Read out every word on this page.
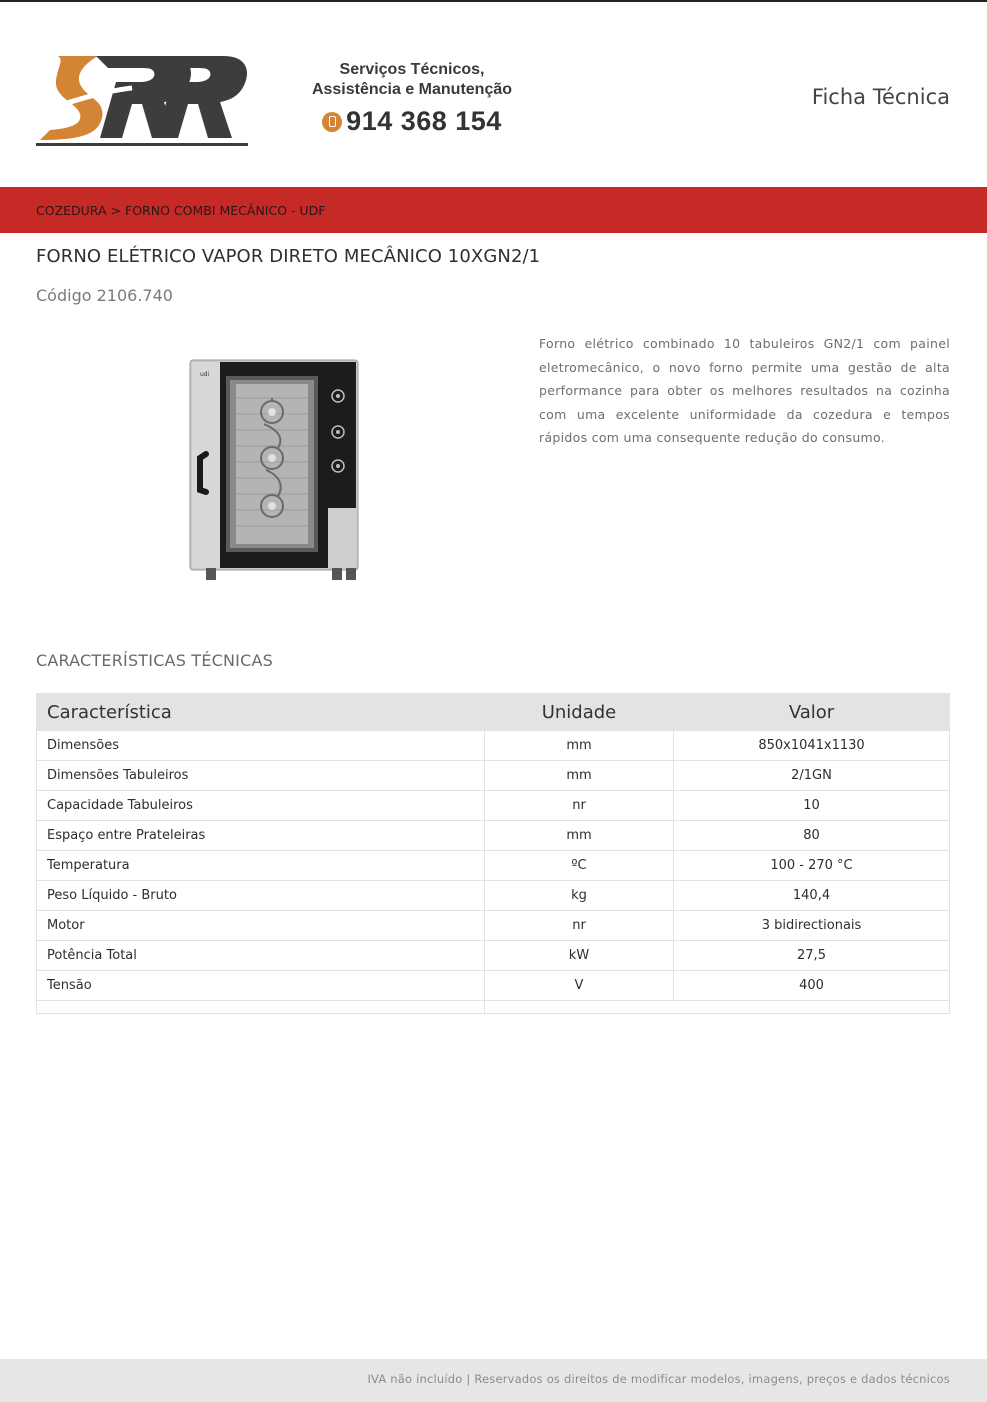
Serviços Técnicos,
Assistência e Manutenção
914 368 154
Ficha Técnica
COZEDURA > FORNO COMBI MECÂNICO - UDF
FORNO ELÉTRICO VAPOR DIRETO MECÂNICO 10XGN2/1
Código 2106.740
udi
Forno elétrico combinado 10 tabuleiros GN2/1 com painel eletromecânico, o novo forno permite uma gestão de alta performance para obter os melhores resultados na cozinha com uma excelente uniformidade da cozedura e tempos rápidos com uma consequente redução do consumo.
CARACTERÍSTICAS TÉCNICAS
Característica	Unidade	Valor
Dimensões	mm	850x1041x1130
Dimensões Tabuleiros	mm	2/1GN
Capacidade Tabuleiros	nr	10
Espaço entre Prateleiras	mm	80
Temperatura	ºC	100 - 270 °C
Peso Líquido - Bruto	kg	140,4
Motor	nr	3 bidirectionais
Potência Total	kW	27,5
Tensão	V	400

IVA não incluído | Reservados os direitos de modificar modelos, imagens, preços e dados técnicos
